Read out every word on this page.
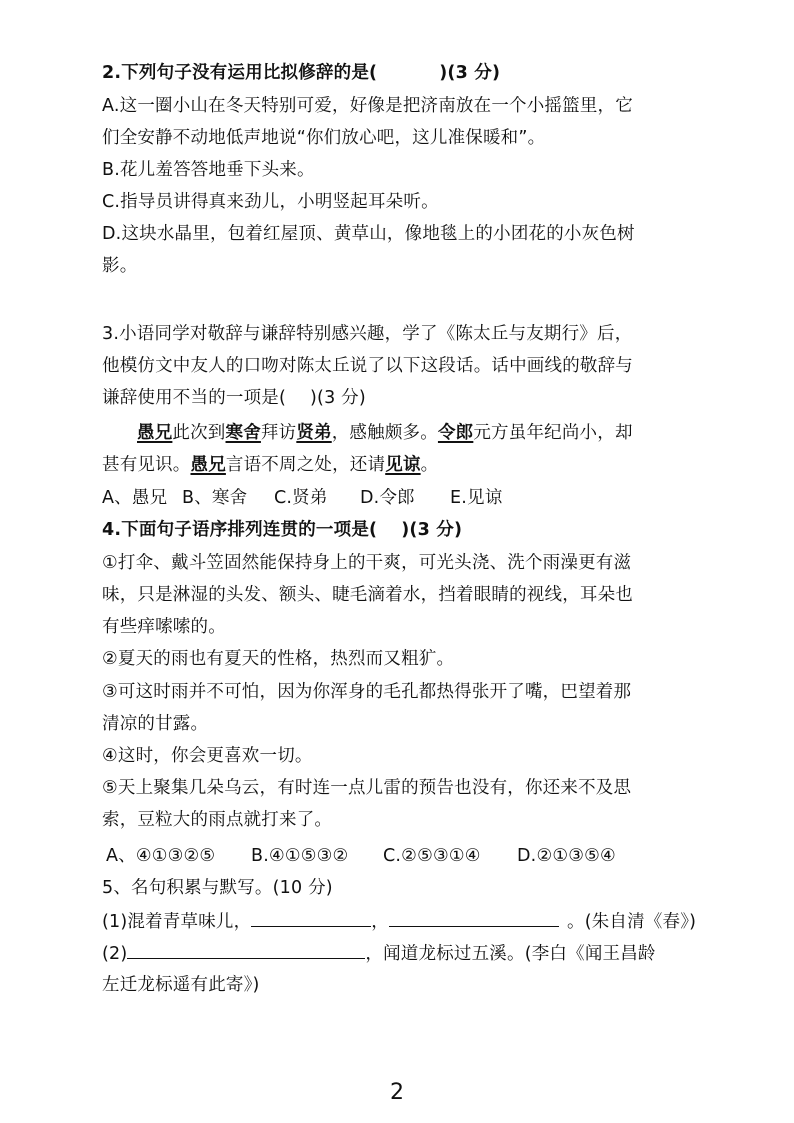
2.下列句子没有运用比拟修辞的是(	)(3 分)
A.这一圈小山在冬天特别可爱，好像是把济南放在一个小摇篮里，它
们全安静不动地低声地说“你们放心吧，这儿准保暖和”。
B.花儿羞答答地垂下头来。
C.指导员讲得真来劲儿，小明竖起耳朵听。
D.这块水晶里，包着红屋顶、黄草山，像地毯上的小团花的小灰色树
影。
3.小语同学对敬辞与谦辞特别感兴趣，学了《陈太丘与友期行》后，
他模仿文中友人的口吻对陈太丘说了以下这段话。话中画线的敬辞与
谦辞使用不当的一项是( )(3 分)
愚兄此次到寒舍拜访贤弟，感触颇多。令郎元方虽年纪尚小，却
甚有见识。愚兄言语不周之处，还请见谅。
A、愚兄 B、寒舍 C.贤弟 D.令郎 E.见谅
4.下面句子语序排列连贯的一项是( )(3 分)
①打伞、戴斗笠固然能保持身上的干爽，可光头浇、洗个雨澡更有滋
味，只是淋湿的头发、额头、睫毛滴着水，挡着眼睛的视线，耳朵也
有些痒嗦嗦的。
②夏天的雨也有夏天的性格，热烈而又粗犷。
③可这时雨并不可怕，因为你浑身的毛孔都热得张开了嘴，巴望着那
清凉的甘露。
④这时，你会更喜欢一切。
⑤天上聚集几朵乌云，有时连一点儿雷的预告也没有，你还来不及思
索，豆粒大的雨点就打来了。
A、④①③②⑤ B.④①⑤③② C.②⑤③①④ D.②①③⑤④
5、名句积累与默写。(10 分)
(1)混着青草味儿，	，	。(朱自清《春》)
(2)	，闻道龙标过五溪。(李白《闻王昌龄
左迁龙标遥有此寄》)
2
